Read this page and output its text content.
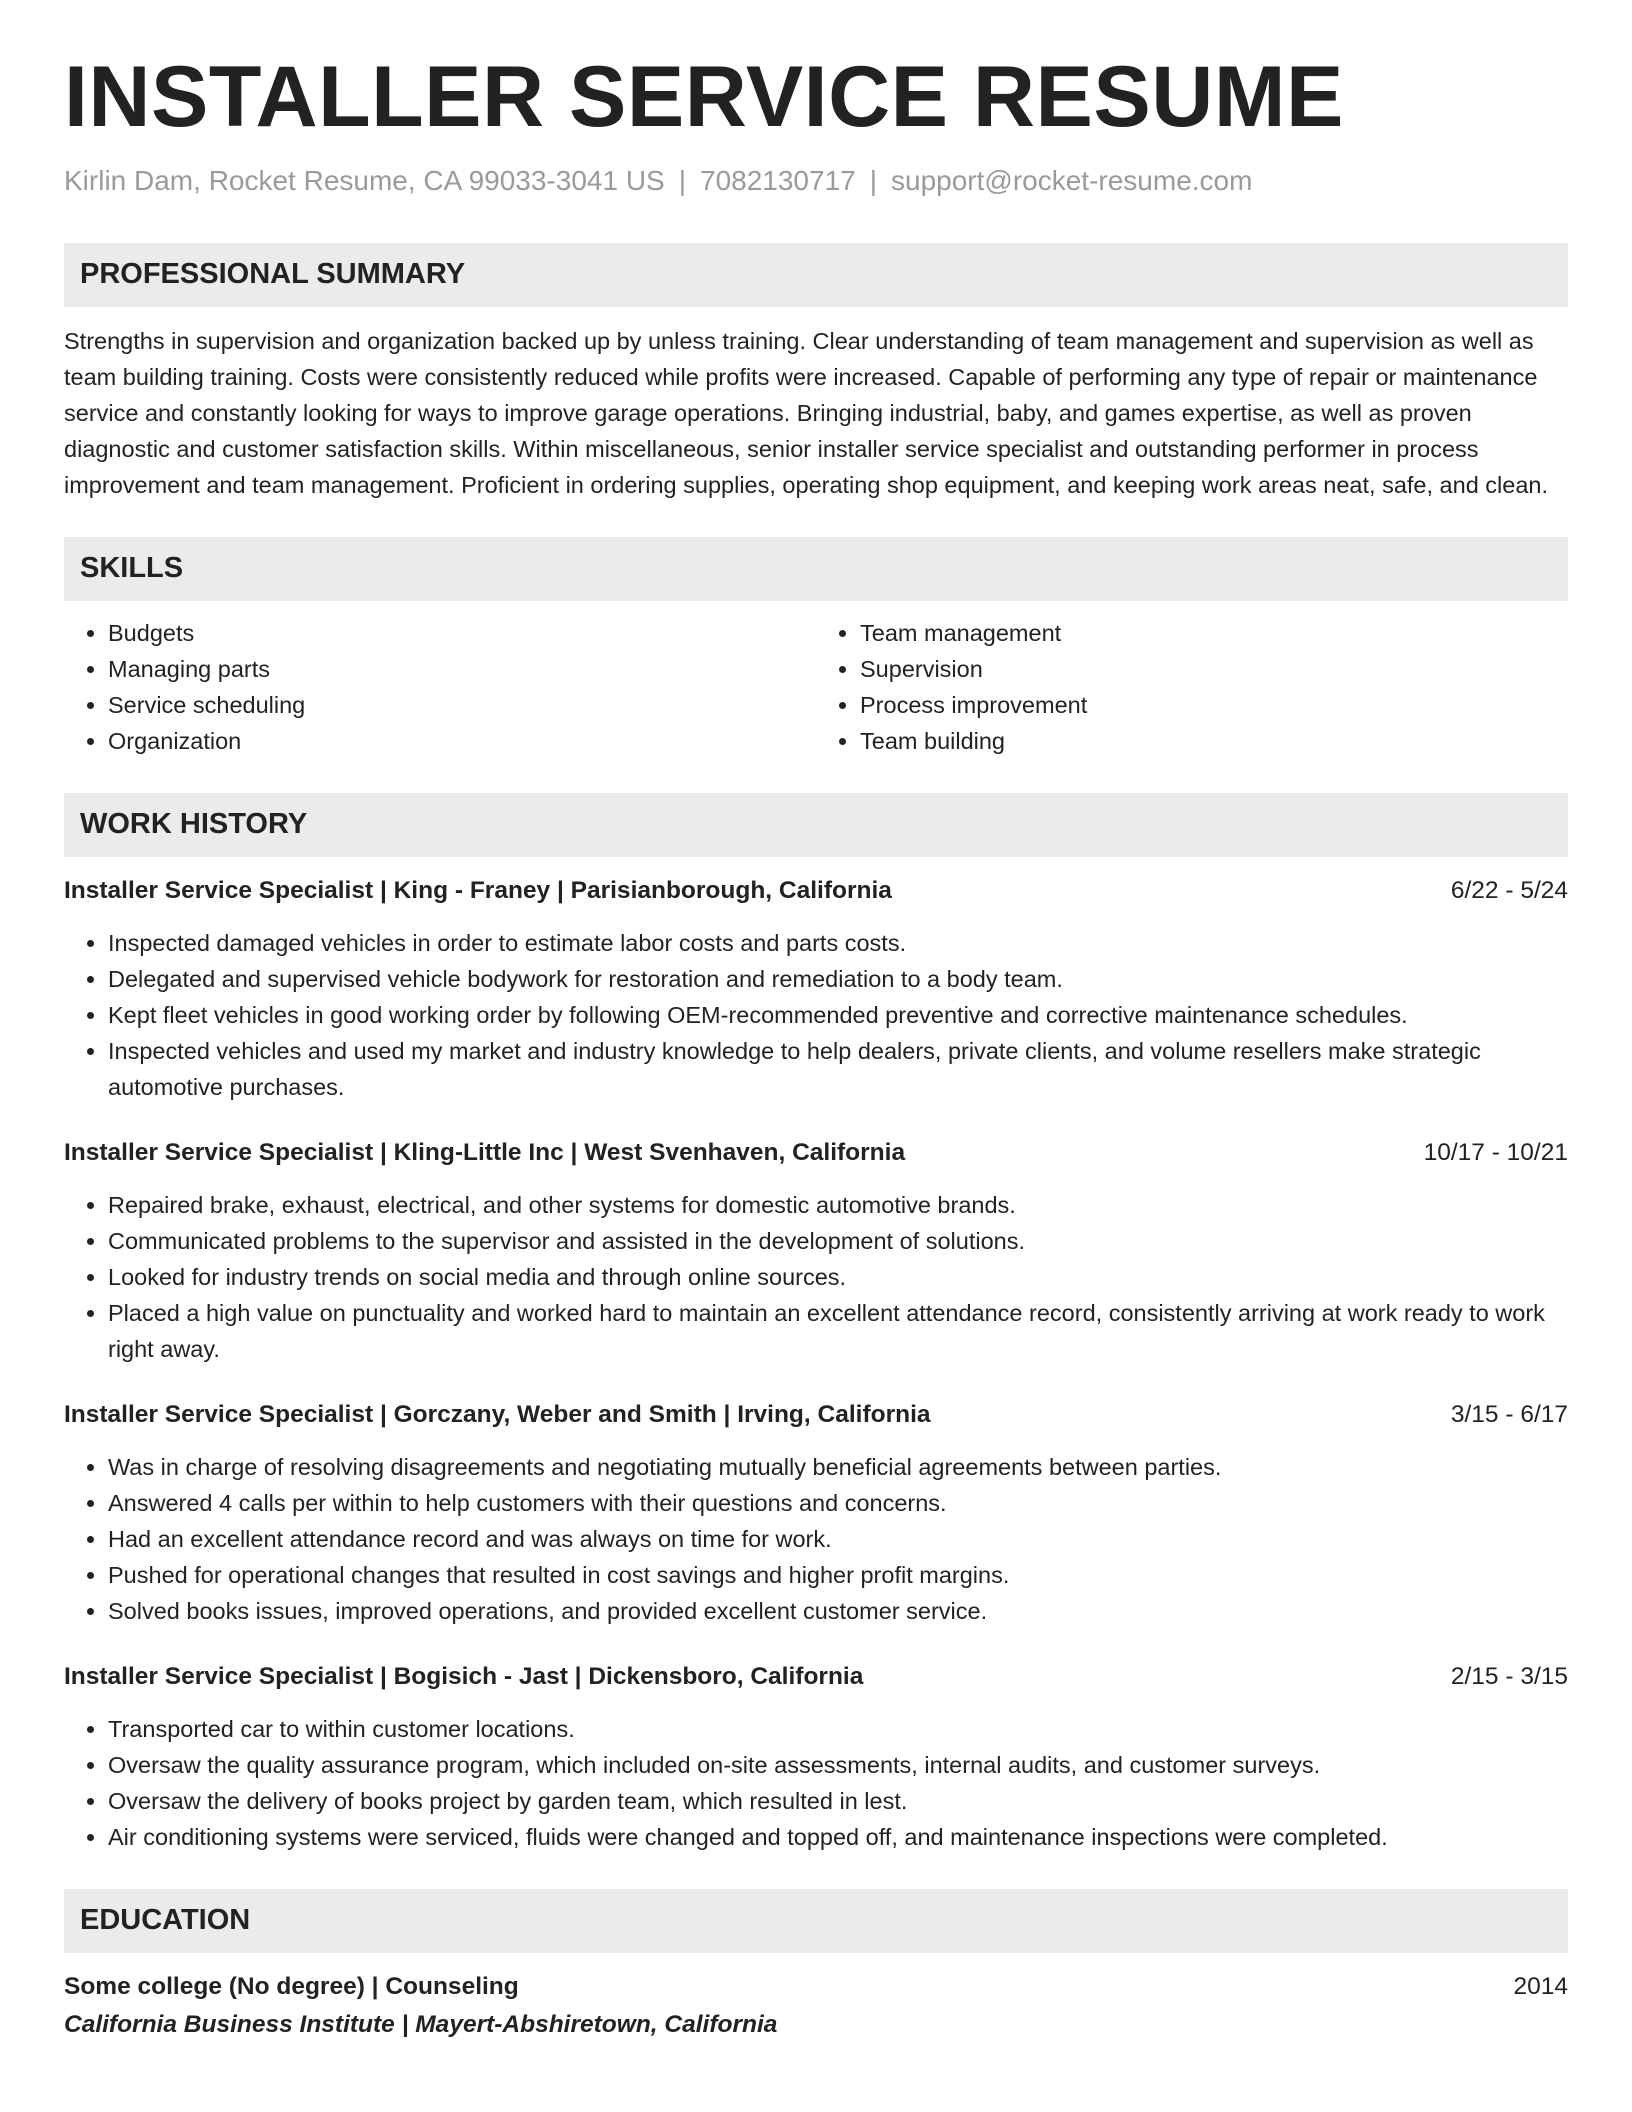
INSTALLER SERVICE RESUME
Kirlin Dam, Rocket Resume, CA 99033-3041 US | 7082130717 | support@rocket-resume.com
PROFESSIONAL SUMMARY
Strengths in supervision and organization backed up by unless training. Clear understanding of team management and supervision as well as team building training. Costs were consistently reduced while profits were increased. Capable of performing any type of repair or maintenance service and constantly looking for ways to improve garage operations. Bringing industrial, baby, and games expertise, as well as proven diagnostic and customer satisfaction skills. Within miscellaneous, senior installer service specialist and outstanding performer in process improvement and team management. Proficient in ordering supplies, operating shop equipment, and keeping work areas neat, safe, and clean.
SKILLS
• Budgets
• Managing parts
• Service scheduling
• Organization
• Team management
• Supervision
• Process improvement
• Team building
WORK HISTORY
Installer Service Specialist | King - Franey | Parisianborough, California	6/22 - 5/24
• Inspected damaged vehicles in order to estimate labor costs and parts costs.
• Delegated and supervised vehicle bodywork for restoration and remediation to a body team.
• Kept fleet vehicles in good working order by following OEM-recommended preventive and corrective maintenance schedules.
• Inspected vehicles and used my market and industry knowledge to help dealers, private clients, and volume resellers make strategic automotive purchases.
Installer Service Specialist | Kling-Little Inc | West Svenhaven, California	10/17 - 10/21
• Repaired brake, exhaust, electrical, and other systems for domestic automotive brands.
• Communicated problems to the supervisor and assisted in the development of solutions.
• Looked for industry trends on social media and through online sources.
• Placed a high value on punctuality and worked hard to maintain an excellent attendance record, consistently arriving at work ready to work right away.
Installer Service Specialist | Gorczany, Weber and Smith | Irving, California	3/15 - 6/17
• Was in charge of resolving disagreements and negotiating mutually beneficial agreements between parties.
• Answered 4 calls per within to help customers with their questions and concerns.
• Had an excellent attendance record and was always on time for work.
• Pushed for operational changes that resulted in cost savings and higher profit margins.
• Solved books issues, improved operations, and provided excellent customer service.
Installer Service Specialist | Bogisich - Jast | Dickensboro, California	2/15 - 3/15
• Transported car to within customer locations.
• Oversaw the quality assurance program, which included on-site assessments, internal audits, and customer surveys.
• Oversaw the delivery of books project by garden team, which resulted in lest.
• Air conditioning systems were serviced, fluids were changed and topped off, and maintenance inspections were completed.
EDUCATION
Some college (No degree) | Counseling	2014
California Business Institute | Mayert-Abshiretown, California
